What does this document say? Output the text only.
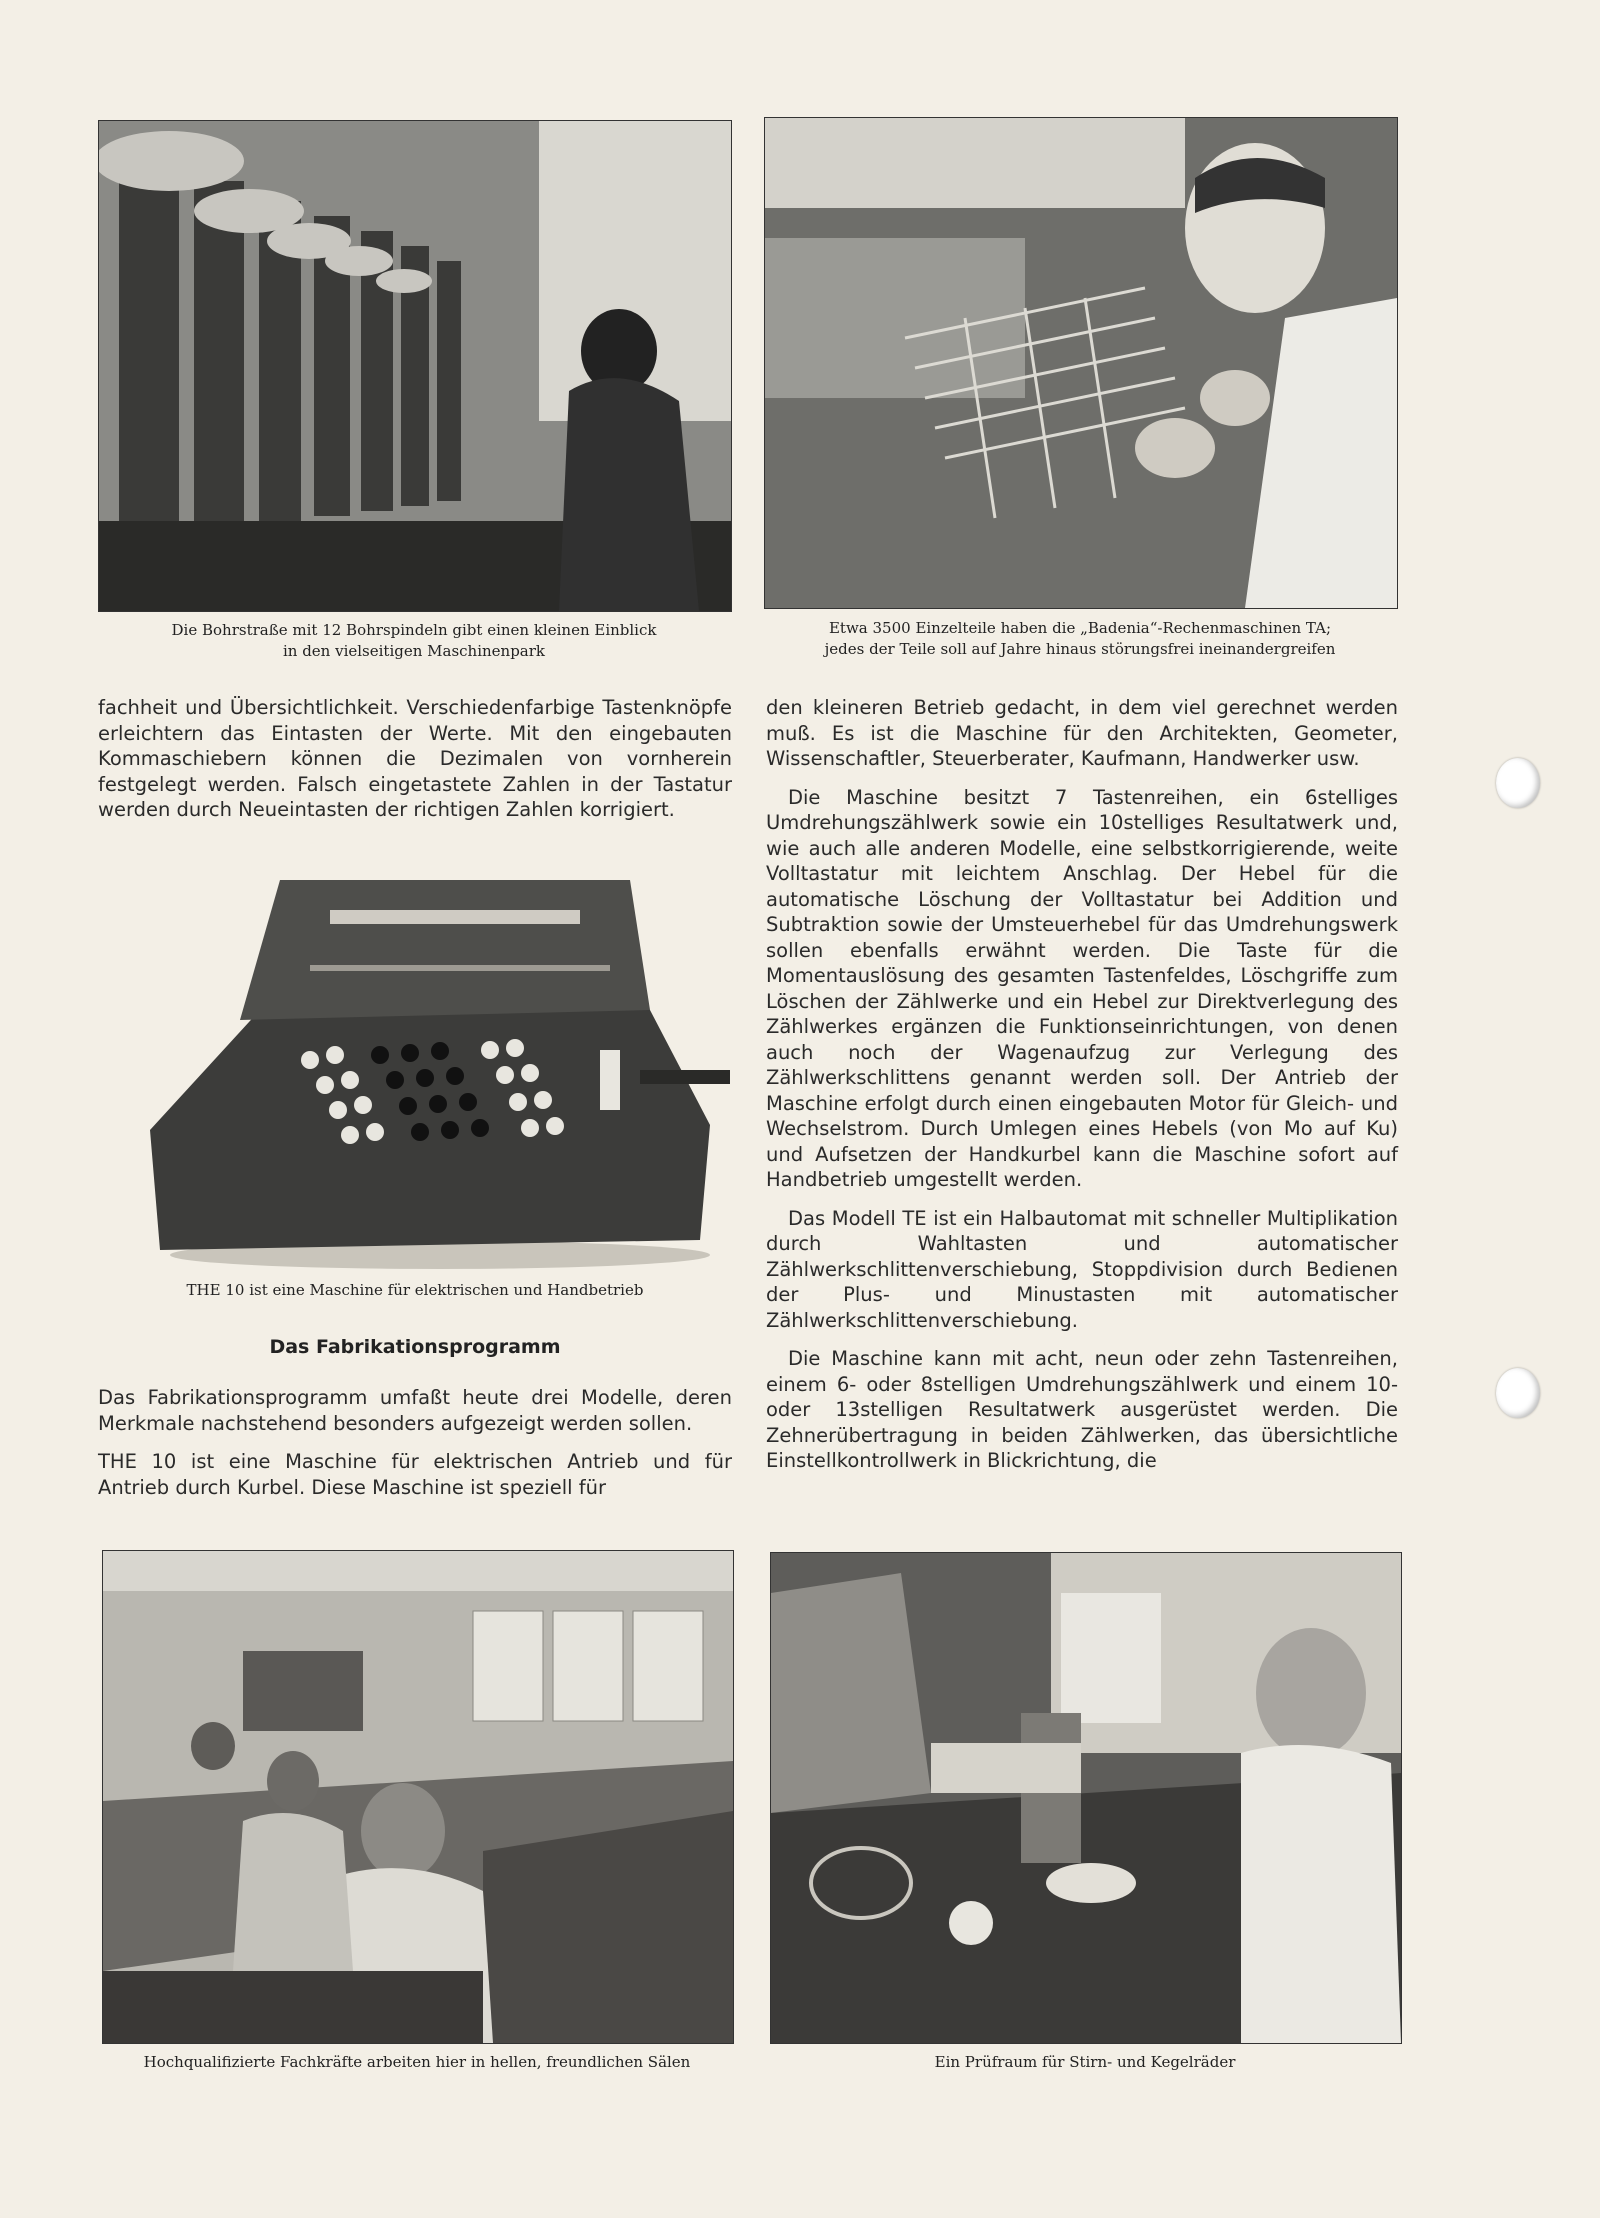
Die Bohrstraße mit 12 Bohrspindeln gibt einen kleinen Einblick
in den vielseitigen Maschinenpark
Etwa 3500 Einzelteile haben die „Badenia“-Rechenmaschinen TA;
jedes der Teile soll auf Jahre hinaus störungsfrei ineinandergreifen

fachheit und Übersichtlichkeit. Verschiedenfarbige Tastenknöpfe erleichtern das Eintasten der Werte. Mit den eingebauten Kommaschiebern können die Dezimalen von vornherein festgelegt werden. Falsch eingetastete Zahlen in der Tastatur werden durch Neueintasten der richtigen Zahlen korrigiert.

THE 10 ist eine Maschine für elektrischen und Handbetrieb
Das Fabrikationsprogramm

Das Fabrikationsprogramm umfaßt heute drei Modelle, deren Merkmale nachstehend besonders aufgezeigt werden sollen.

THE 10 ist eine Maschine für elektrischen Antrieb und für Antrieb durch Kurbel. Diese Maschine ist speziell für

den kleineren Betrieb gedacht, in dem viel gerechnet werden muß. Es ist die Maschine für den Architekten, Geometer, Wissenschaftler, Steuerberater, Kaufmann, Handwerker usw.

Die Maschine besitzt 7 Tastenreihen, ein 6stelliges Umdrehungszählwerk sowie ein 10stelliges Resultatwerk und, wie auch alle anderen Modelle, eine selbstkorrigierende, weite Volltastatur mit leichtem Anschlag. Der Hebel für die automatische Löschung der Volltastatur bei Addition und Subtraktion sowie der Umsteuerhebel für das Umdrehungswerk sollen ebenfalls erwähnt werden. Die Taste für die Momentauslösung des gesamten Tastenfeldes, Löschgriffe zum Löschen der Zählwerke und ein Hebel zur Direktverlegung des Zählwerkes ergänzen die Funktionseinrichtungen, von denen auch noch der Wagenaufzug zur Verlegung des Zählwerkschlittens genannt werden soll. Der Antrieb der Maschine erfolgt durch einen eingebauten Motor für Gleich- und Wechselstrom. Durch Umlegen eines Hebels (von Mo auf Ku) und Aufsetzen der Handkurbel kann die Maschine sofort auf Handbetrieb umgestellt werden.

Das Modell TE ist ein Halbautomat mit schneller Multiplikation durch Wahltasten und automatischer Zählwerkschlittenverschiebung, Stoppdivision durch Bedienen der Plus- und Minustasten mit automatischer Zählwerkschlittenverschiebung.

Die Maschine kann mit acht, neun oder zehn Tastenreihen, einem 6- oder 8stelligen Umdrehungszählwerk und einem 10- oder 13stelligen Resultatwerk ausgerüstet werden. Die Zehnerübertragung in beiden Zählwerken, das übersichtliche Einstellkontrollwerk in Blickrichtung, die

Hochqualifizierte Fachkräfte arbeiten hier in hellen, freundlichen Sälen	Ein Prüfraum für Stirn- und Kegelräder
